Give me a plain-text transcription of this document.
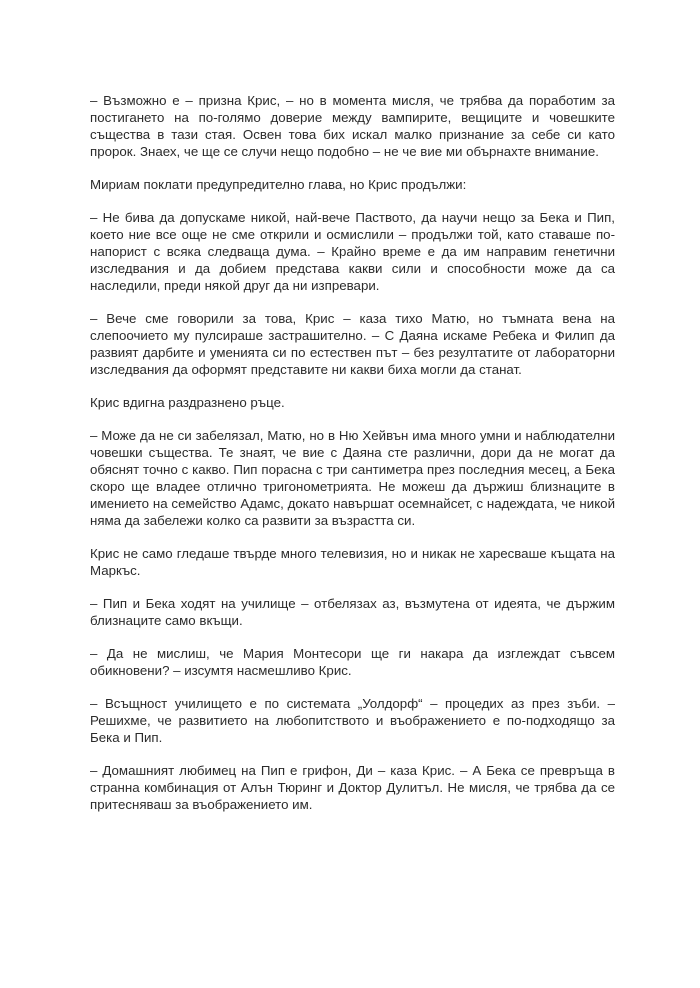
– Възможно е – призна Крис, – но в момента мисля, че трябва да поработим за постигането на по-голямо доверие между вампирите, вещиците и човешките същества в тази стая. Освен това бих искал малко признание за себе си като пророк. Знаех, че ще се случи нещо подобно – не че вие ми обърнахте внимание.

Мириам поклати предупредително глава, но Крис продължи:

– Не бива да допускаме никой, най-вече Паството, да научи нещо за Бека и Пип, което ние все още не сме открили и осмислили – продължи той, като ставаше по-напорист с всяка следваща дума. – Крайно време е да им направим генетични изследвания и да добием представа какви сили и способности може да са наследили, преди някой друг да ни изпревари.

– Вече сме говорили за това, Крис – каза тихо Матю, но тъмната вена на слепоочието му пулсираше застрашително. – С Даяна искаме Ребека и Филип да развият дарбите и уменията си по естествен път – без резултатите от лабораторни изследвания да оформят представите ни какви биха могли да станат.

Крис вдигна раздразнено ръце.

– Може да не си забелязал, Матю, но в Ню Хейвън има много умни и наблюдателни човешки същества. Те знаят, че вие с Даяна сте различни, дори да не могат да обяснят точно с какво. Пип порасна с три сантиметра през последния месец, а Бека скоро ще владее отлично тригонометрията. Не можеш да държиш близнаците в имението на семейство Адамс, докато навършат осемнайсет, с надеждата, че никой няма да забележи колко са развити за възрастта си.

Крис не само гледаше твърде много телевизия, но и никак не харесваше къщата на Маркъс.

– Пип и Бека ходят на училище – отбелязах аз, възмутена от идеята, че държим близнаците само вкъщи.

– Да не мислиш, че Мария Монтесори ще ги накара да изглеждат съвсем обикновени? – изсумтя насмешливо Крис.

– Всъщност училището е по системата „Уолдорф“ – процедих аз през зъби. – Решихме, че развитието на любопитството и въображението е по-подходящо за Бека и Пип.

– Домашният любимец на Пип е грифон, Ди – каза Крис. – А Бека се превръща в странна комбинация от Алън Тюринг и Доктор Дулитъл. Не мисля, че трябва да се притесняваш за въображението им.
